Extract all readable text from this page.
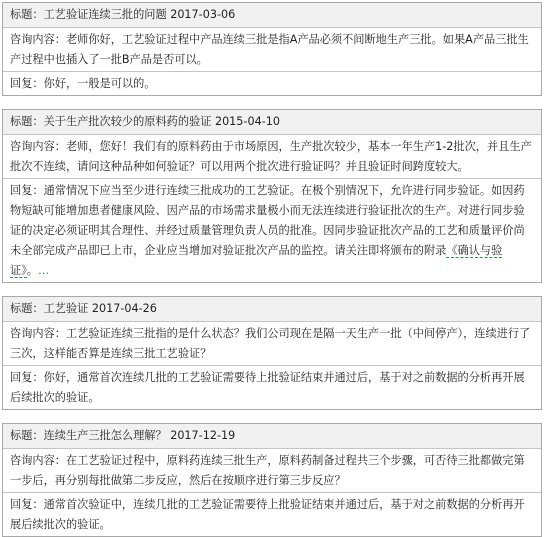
标题：工艺验证连续三批的问题 2017-03-06
咨询内容：老师你好，工艺验证过程中产品连续三批是指A产品必须不间断地生产三批。如果A产品三批生产过程中也插入了一批B产品是否可以。
回复：你好，一般是可以的。
标题：关于生产批次较少的原料药的验证 2015-04-10
咨询内容：老师，您好！我们有的原料药由于市场原因，生产批次较少，基本一年生产1-2批次，并且生产批次不连续，请问这种品种如何验证？可以用两个批次进行验证吗？并且验证时间跨度较大。
回复：通常情况下应当至少进行连续三批成功的工艺验证。在极个别情况下，允许进行同步验证。如因药物短缺可能增加患者健康风险、因产品的市场需求量极小而无法连续进行验证批次的生产。对进行同步验证的决定必须证明其合理性、并经过质量管理负责人员的批准。因同步验证批次产品的工艺和质量评价尚未全部完成产品即已上市，企业应当增加对验证批次产品的监控。请关注即将颁布的附录《确认与验证》。…
标题：工艺验证 2017-04-26
咨询内容：工艺验证连续三批指的是什么状态？我们公司现在是隔一天生产一批（中间停产），连续进行了三次，这样能否算是连续三批工艺验证？
回复：你好，通常首次连续几批的工艺验证需要待上批验证结束并通过后，基于对之前数据的分析再开展后续批次的验证。
标题：连续生产三批怎么理解？ 2017-12-19
咨询内容：在工艺验证过程中，原料药连续三批生产，原料药制备过程共三个步骤，可否待三批都做完第一步后，再分别每批做第二步反应，然后在按顺序进行第三步反应？
回复：通常首次验证中，连续几批的工艺验证需要待上批验证结束并通过后，基于对之前数据的分析再开展后续批次的验证。
